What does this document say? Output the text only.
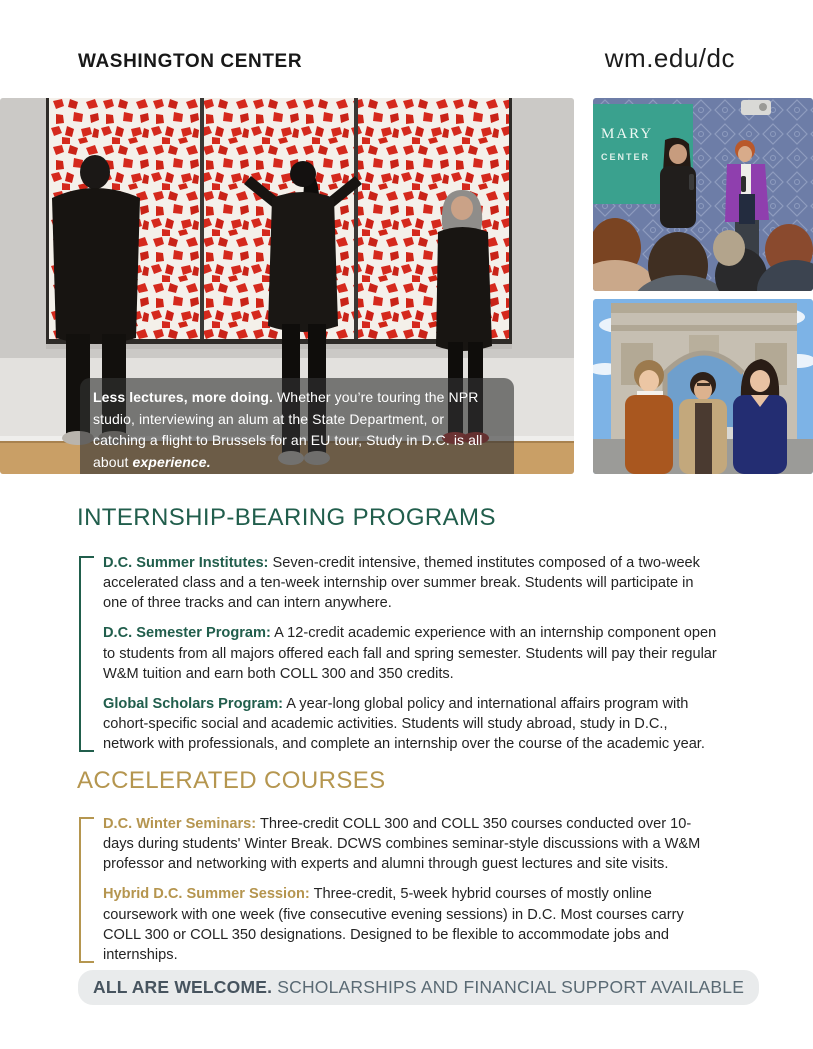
WASHINGTON CENTER	wm.edu/dc
Less lectures, more doing. Whether you’re touring the NPR studio, interviewing an alum at the State Department, or catching a flight to Brussels for an EU tour, Study in D.C. is all about experience.
MARY
CENTER
INTERNSHIP-BEARING PROGRAMS

D.C. Summer Institutes: Seven-credit intensive, themed institutes composed of a two-week accelerated class and a ten-week internship over summer break. Students will participate in one of three tracks and can intern anywhere.

D.C. Semester Program: A 12-credit academic experience with an internship component open to students from all majors offered each fall and spring semester. Students will pay their regular W&M tuition and earn both COLL 300 and 350 credits.

Global Scholars Program: A year-long global policy and international affairs program with cohort-specific social and academic activities. Students will study abroad, study in D.C., network with professionals, and complete an internship over the course of the academic year.

ACCELERATED COURSES

D.C. Winter Seminars: Three-credit COLL 300 and COLL 350 courses conducted over 10-days during students' Winter Break. DCWS combines seminar-style discussions with a W&M professor and networking with experts and alumni through guest lectures and site visits.

Hybrid D.C. Summer Session: Three-credit, 5-week hybrid courses of mostly online coursework with one week (five consecutive evening sessions) in D.C. Most courses carry COLL 300 or COLL 350 designations. Designed to be flexible to accommodate jobs and internships.

ALL ARE WELCOME. SCHOLARSHIPS AND FINANCIAL SUPPORT AVAILABLE
